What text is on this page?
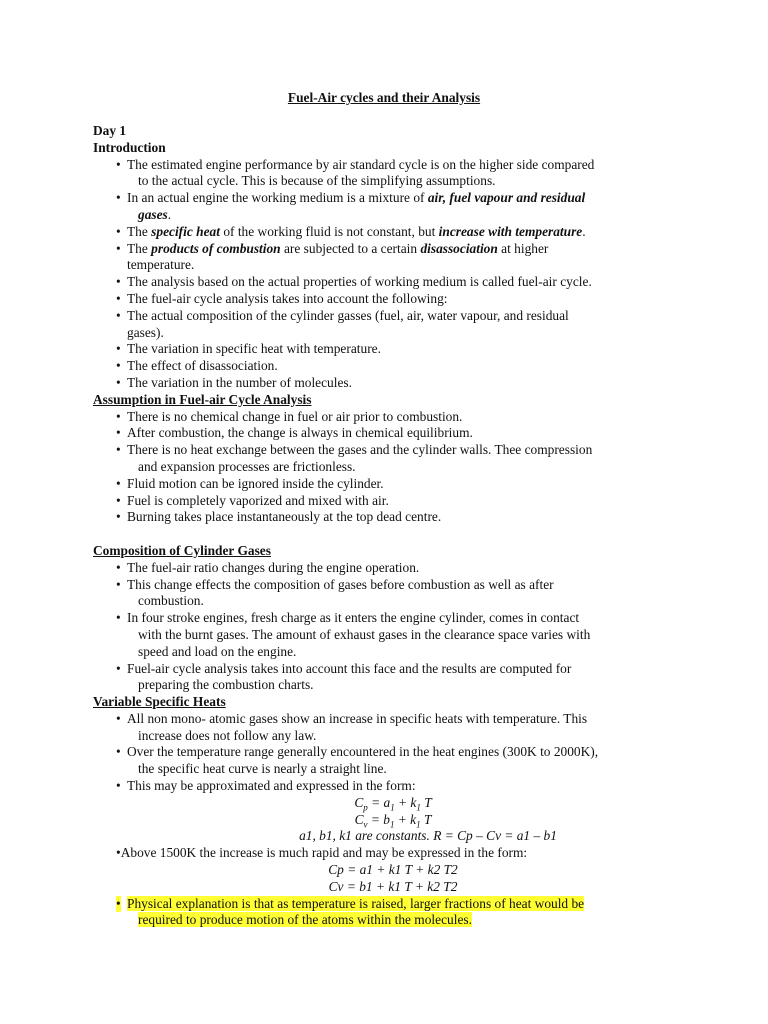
Fuel-Air cycles and their Analysis
Day 1
Introduction
• The estimated engine performance by air standard cycle is on the higher side compared
to the actual cycle. This is because of the simplifying assumptions.
• In an actual engine the working medium is a mixture of air, fuel vapour and residual
gases.
• The specific heat of the working fluid is not constant, but increase with temperature.
• The products of combustion are subjected to a certain disassociation at higher
temperature.
• The analysis based on the actual properties of working medium is called fuel-air cycle.
• The fuel-air cycle analysis takes into account the following:
• The actual composition of the cylinder gasses (fuel, air, water vapour, and residual
gases).
• The variation in specific heat with temperature.
• The effect of disassociation.
• The variation in the number of molecules.
Assumption in Fuel-air Cycle Analysis
• There is no chemical change in fuel or air prior to combustion.
• After combustion, the change is always in chemical equilibrium.
• There is no heat exchange between the gases and the cylinder walls. Thee compression
and expansion processes are frictionless.
• Fluid motion can be ignored inside the cylinder.
• Fuel is completely vaporized and mixed with air.
• Burning takes place instantaneously at the top dead centre.
Composition of Cylinder Gases
• The fuel-air ratio changes during the engine operation.
• This change effects the composition of gases before combustion as well as after
combustion.
• In four stroke engines, fresh charge as it enters the engine cylinder, comes in contact
with the burnt gases. The amount of exhaust gases in the clearance space varies with
speed and load on the engine.
• Fuel-air cycle analysis takes into account this face and the results are computed for
preparing the combustion charts.
Variable Specific Heats
• All non mono- atomic gases show an increase in specific heats with temperature. This
increase does not follow any law.
• Over the temperature range generally encountered in the heat engines (300K to 2000K),
the specific heat curve is nearly a straight line.
• This may be approximated and expressed in the form:
$C_p = a_1 + k_1$ T
$C_v = b_1 + k_1$ T
a1, b1, k1 are constants. R = Cp – Cv = a1 – b1
•Above 1500K the increase is much rapid and may be expressed in the form:
Cp = a1 + k1 T + k2 T2
Cv = b1 + k1 T + k2 T2
• Physical explanation is that as temperature is raised, larger fractions of heat would be
required to produce motion of the atoms within the molecules.
